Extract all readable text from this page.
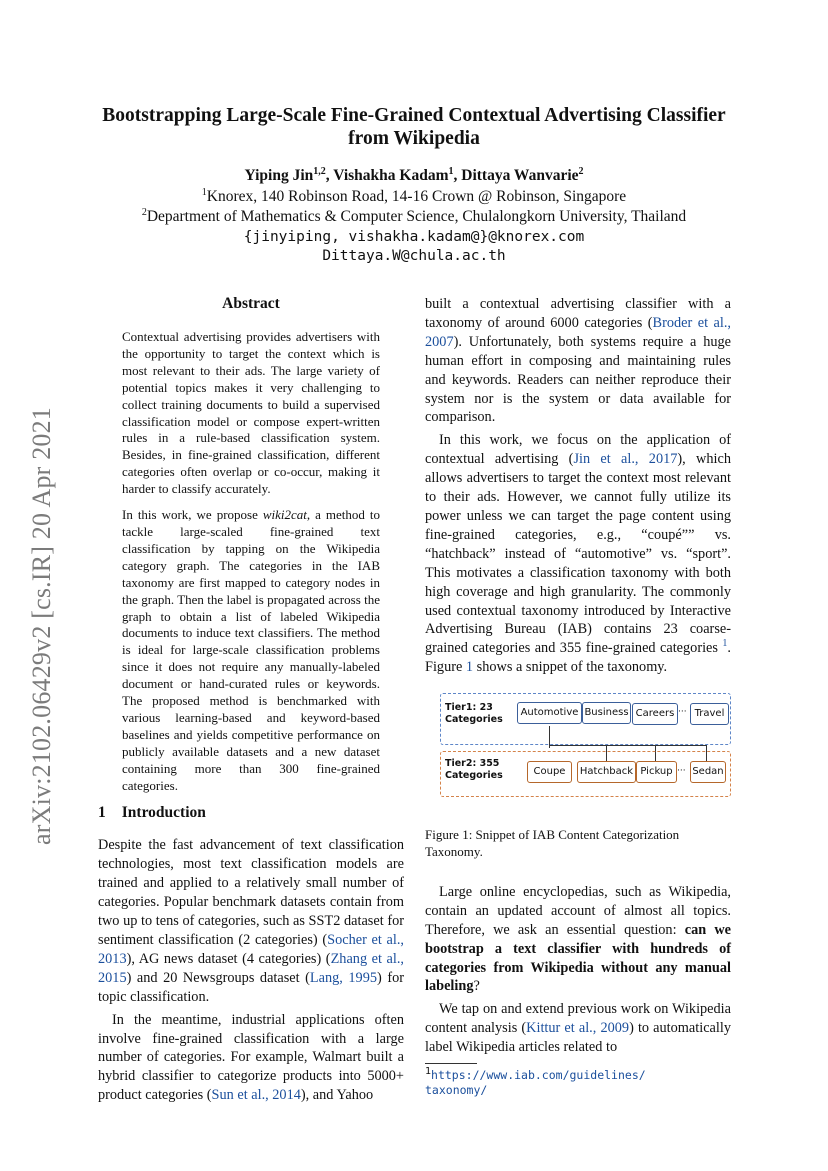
arXiv:2102.06429v2 [cs.IR] 20 Apr 2021
Bootstrapping Large-Scale Fine-Grained Contextual Advertising Classifier from Wikipedia
Yiping Jin$^{1,2}$, Vishakha Kadam$^1$, Dittaya Wanvarie$^2$
$^1$Knorex, 140 Robinson Road, 14-16 Crown @ Robinson, Singapore
$^2$Department of Mathematics & Computer Science, Chulalongkorn University, Thailand
{jinyiping, vishakha.kadam@}@knorex.com
Dittaya.W@chula.ac.th
Abstract

Contextual advertising provides advertisers with the opportunity to target the context which is most relevant to their ads. The large variety of potential topics makes it very challenging to collect training documents to build a supervised classification model or compose expert-written rules in a rule-based classification system. Besides, in fine-grained classification, different categories often overlap or co-occur, making it harder to classify accurately.

In this work, we propose wiki2cat, a method to tackle large-scaled fine-grained text classification by tapping on the Wikipedia category graph. The categories in the IAB taxonomy are first mapped to category nodes in the graph. Then the label is propagated across the graph to obtain a list of labeled Wikipedia documents to induce text classifiers. The method is ideal for large-scale classification problems since it does not require any manually-labeled document or hand-curated rules or keywords. The proposed method is benchmarked with various learning-based and keyword-based baselines and yields competitive performance on publicly available datasets and a new dataset containing more than 300 fine-grained categories.

1 Introduction

Despite the fast advancement of text classification technologies, most text classification models are trained and applied to a relatively small number of categories. Popular benchmark datasets contain from two up to tens of categories, such as SST2 dataset for sentiment classification (2 categories) (Socher et al., 2013), AG news dataset (4 categories) (Zhang et al., 2015) and 20 Newsgroups dataset (Lang, 1995) for topic classification.

In the meantime, industrial applications often involve fine-grained classification with a large number of categories. For example, Walmart built a hybrid classifier to categorize products into 5000+ product categories (Sun et al., 2014), and Yahoo

built a contextual advertising classifier with a taxonomy of around 6000 categories (Broder et al., 2007). Unfortunately, both systems require a huge human effort in composing and maintaining rules and keywords. Readers can neither reproduce their system nor is the system or data available for comparison.

In this work, we focus on the application of contextual advertising (Jin et al., 2017), which allows advertisers to target the context most relevant to their ads. However, we cannot fully utilize its power unless we can target the page content using fine-grained categories, e.g., “coupé”” vs. “hatchback” instead of “automotive” vs. “sport”. This motivates a classification taxonomy with both high coverage and high granularity. The commonly used contextual taxonomy introduced by Interactive Advertising Bureau (IAB) contains 23 coarse-grained categories and 355 fine-grained categories $^1$. Figure 1 shows a snippet of the taxonomy.

Tier1: 23
Categories
Automotive Business Careers ··· Travel
Tier2: 355
Categories	Coupe	Hatchback Pickup ··· Sedan
Figure 1: Snippet of IAB Content Categorization Taxonomy.

Large online encyclopedias, such as Wikipedia, contain an updated account of almost all topics. Therefore, we ask an essential question: can we bootstrap a text classifier with hundreds of categories from Wikipedia without any manual labeling?

We tap on and extend previous work on Wikipedia content analysis (Kittur et al., 2009) to automatically label Wikipedia articles related to

$^1$https://www.iab.com/guidelines/
taxonomy/
